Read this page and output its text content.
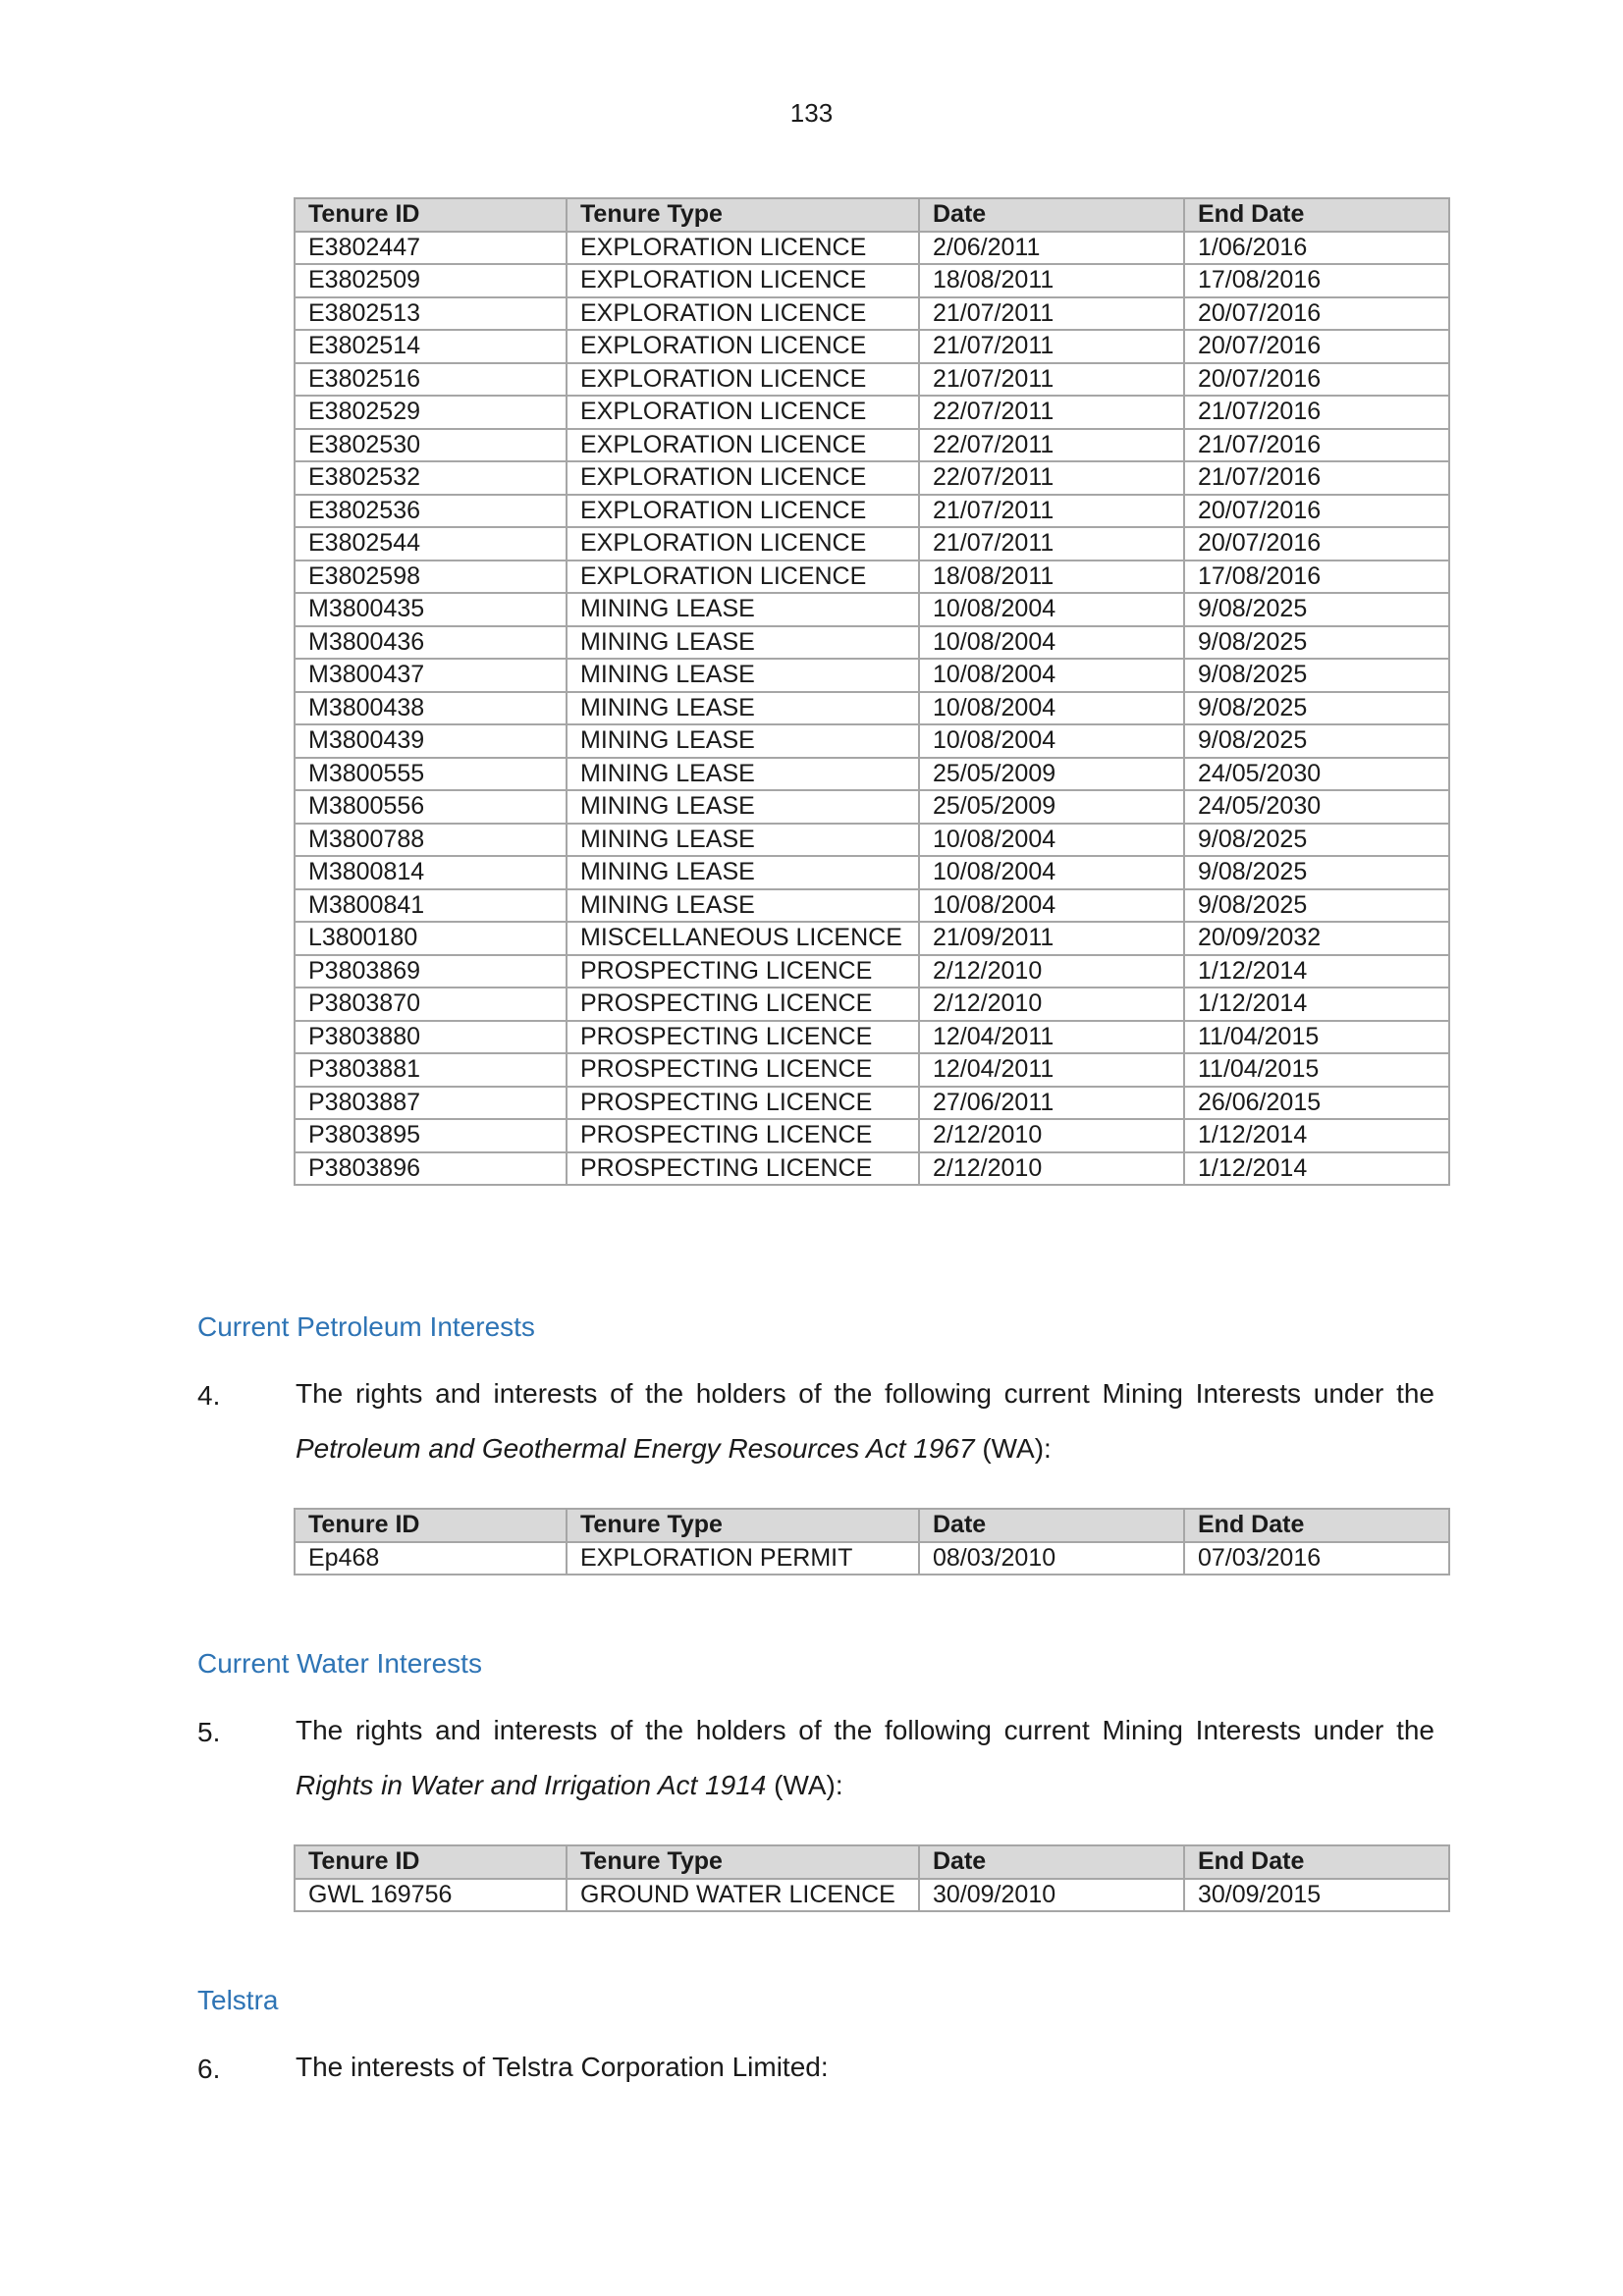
133
Tenure ID	Tenure Type	Date	End Date
E3802447	EXPLORATION LICENCE	2/06/2011	1/06/2016
E3802509	EXPLORATION LICENCE	18/08/2011	17/08/2016
E3802513	EXPLORATION LICENCE	21/07/2011	20/07/2016
E3802514	EXPLORATION LICENCE	21/07/2011	20/07/2016
E3802516	EXPLORATION LICENCE	21/07/2011	20/07/2016
E3802529	EXPLORATION LICENCE	22/07/2011	21/07/2016
E3802530	EXPLORATION LICENCE	22/07/2011	21/07/2016
E3802532	EXPLORATION LICENCE	22/07/2011	21/07/2016
E3802536	EXPLORATION LICENCE	21/07/2011	20/07/2016
E3802544	EXPLORATION LICENCE	21/07/2011	20/07/2016
E3802598	EXPLORATION LICENCE	18/08/2011	17/08/2016
M3800435	MINING LEASE	10/08/2004	9/08/2025
M3800436	MINING LEASE	10/08/2004	9/08/2025
M3800437	MINING LEASE	10/08/2004	9/08/2025
M3800438	MINING LEASE	10/08/2004	9/08/2025
M3800439	MINING LEASE	10/08/2004	9/08/2025
M3800555	MINING LEASE	25/05/2009	24/05/2030
M3800556	MINING LEASE	25/05/2009	24/05/2030
M3800788	MINING LEASE	10/08/2004	9/08/2025
M3800814	MINING LEASE	10/08/2004	9/08/2025
M3800841	MINING LEASE	10/08/2004	9/08/2025
L3800180	MISCELLANEOUS LICENCE	21/09/2011	20/09/2032
P3803869	PROSPECTING LICENCE	2/12/2010	1/12/2014
P3803870	PROSPECTING LICENCE	2/12/2010	1/12/2014
P3803880	PROSPECTING LICENCE	12/04/2011	11/04/2015
P3803881	PROSPECTING LICENCE	12/04/2011	11/04/2015
P3803887	PROSPECTING LICENCE	27/06/2011	26/06/2015
P3803895	PROSPECTING LICENCE	2/12/2010	1/12/2014
P3803896	PROSPECTING LICENCE	2/12/2010	1/12/2014
Current Petroleum Interests
4.	The rights and interests of the holders of the following current Mining Interests under the
Petroleum and Geothermal Energy Resources Act 1967 (WA):
Tenure ID	Tenure Type	Date	End Date
Ep468	EXPLORATION PERMIT	08/03/2010	07/03/2016
Current Water Interests
5.	The rights and interests of the holders of the following current Mining Interests under the
Rights in Water and Irrigation Act 1914 (WA):
Tenure ID	Tenure Type	Date	End Date
GWL 169756	GROUND WATER LICENCE	30/09/2010	30/09/2015
Telstra
6.	The interests of Telstra Corporation Limited:
